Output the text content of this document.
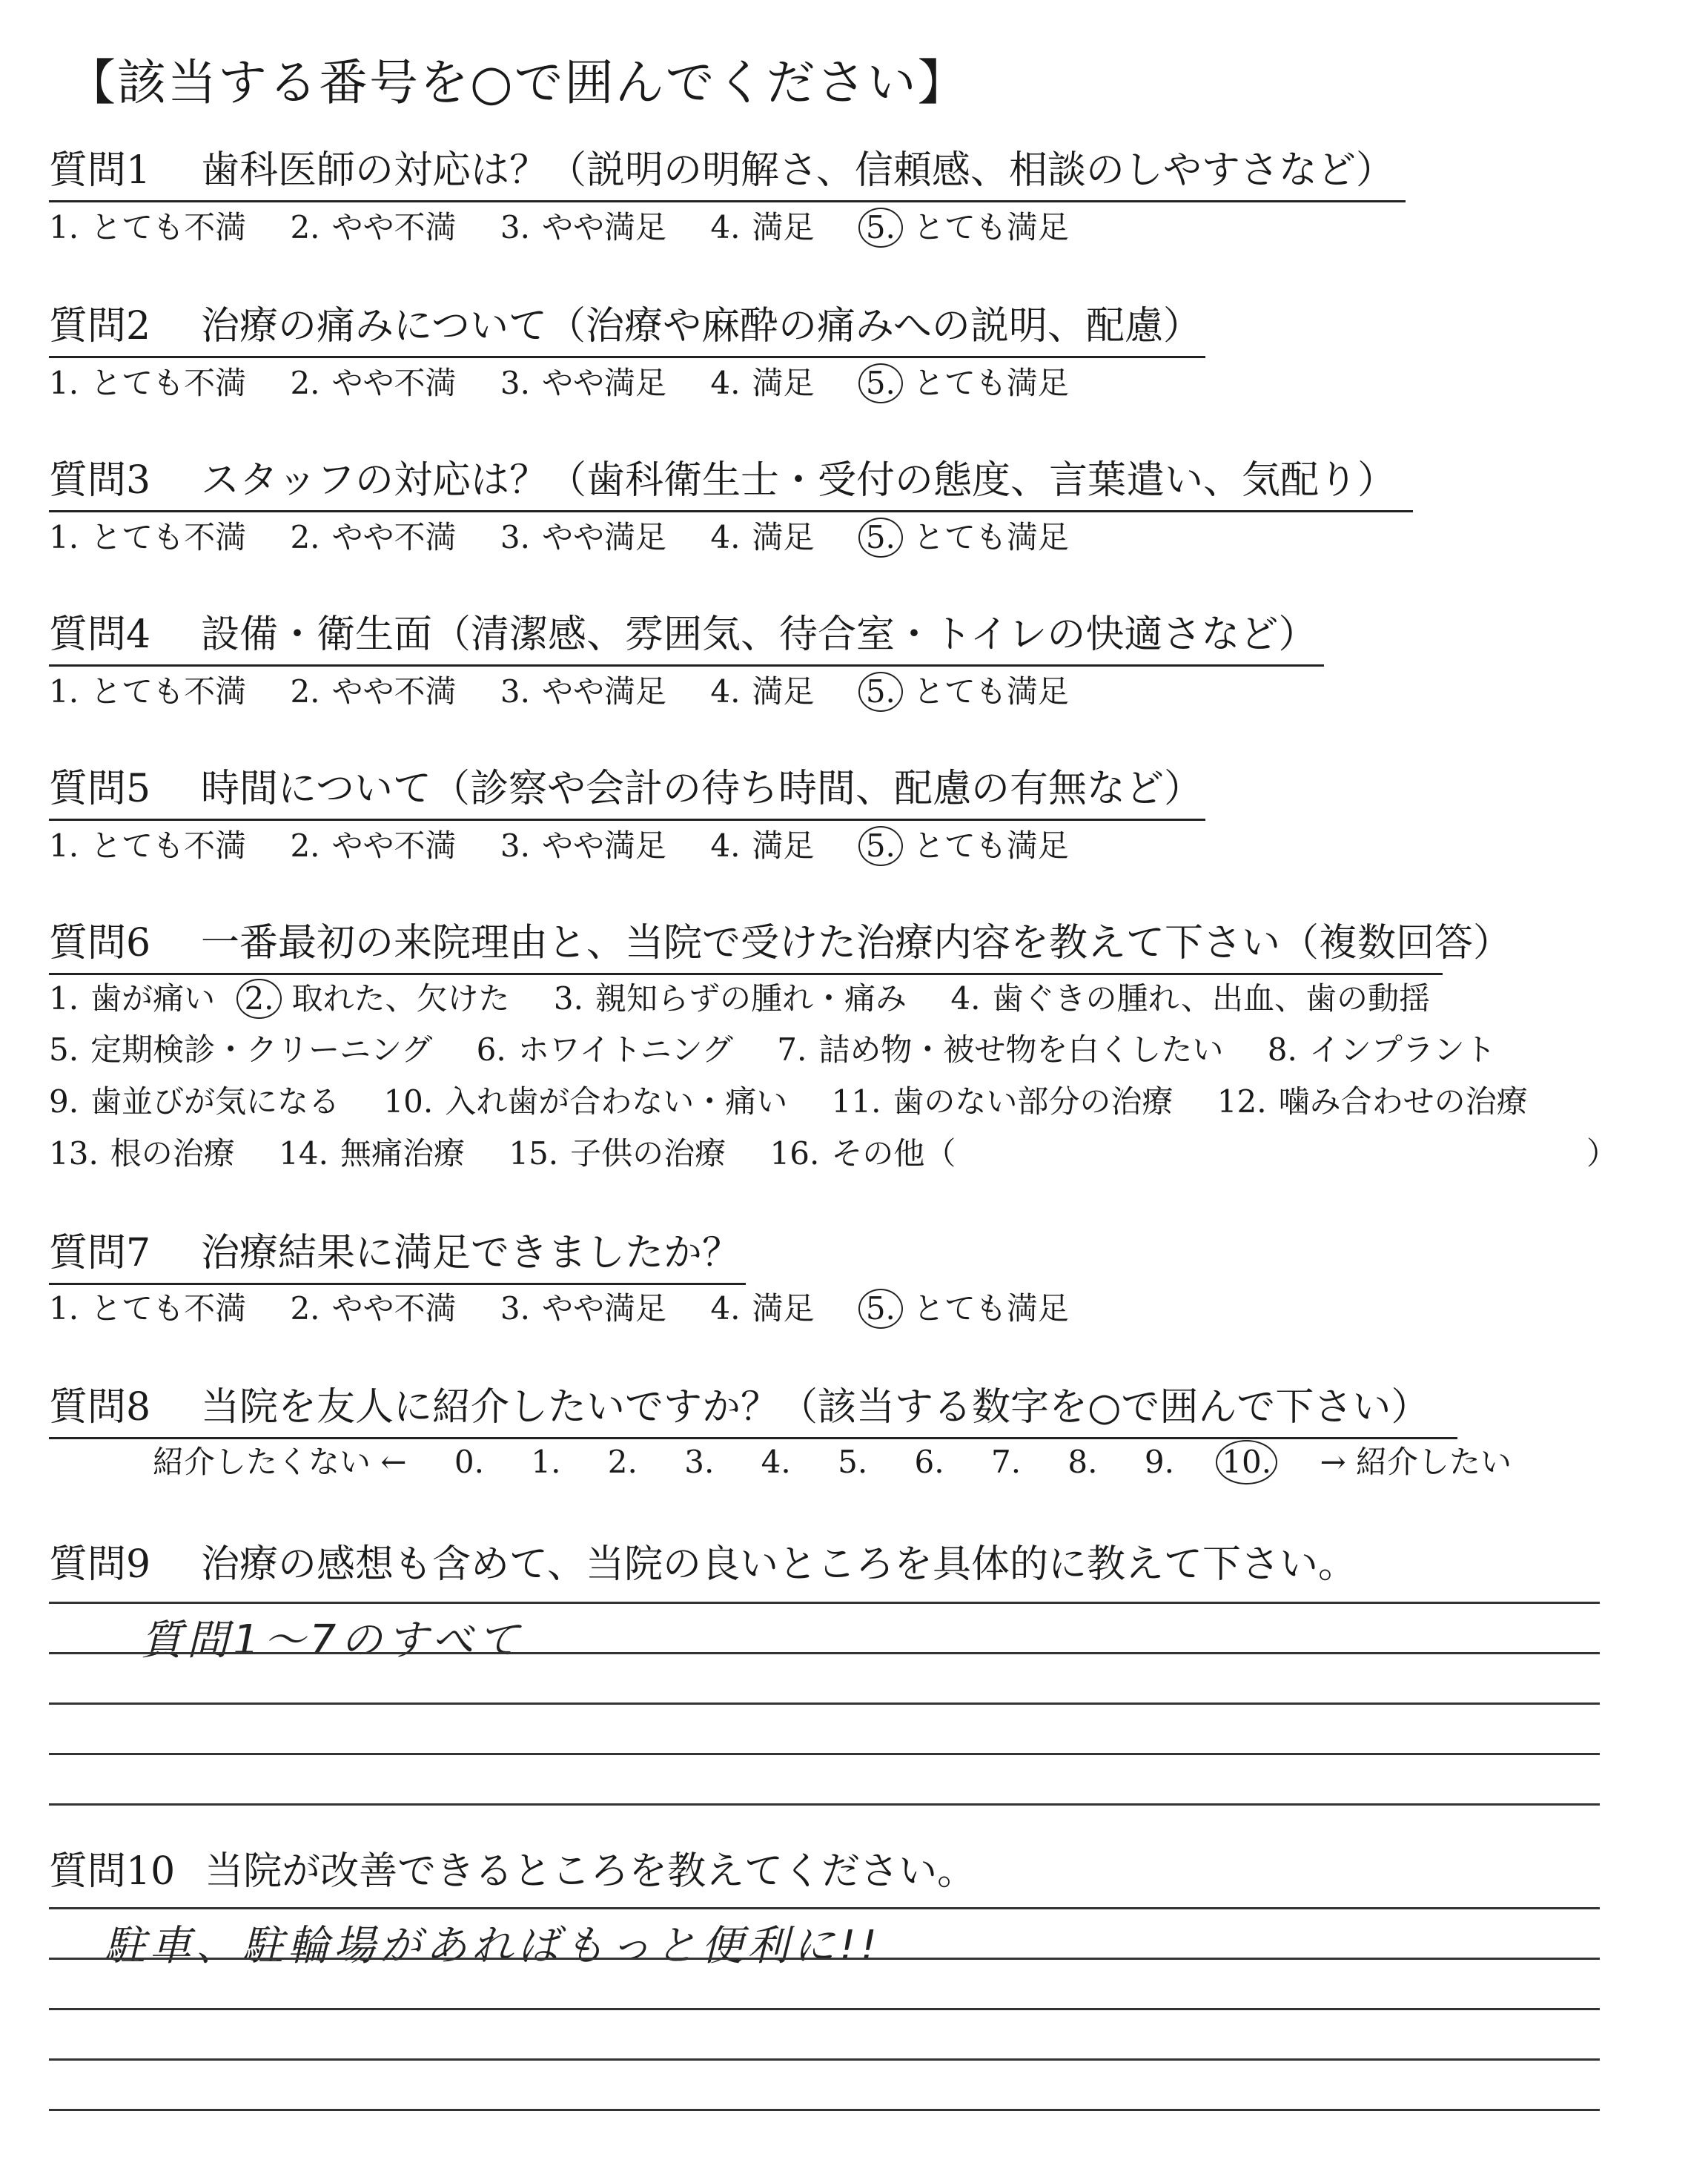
【該当する番号を○で囲んでください】
質問1 歯科医師の対応は？（説明の明解さ、信頼感、相談のしやすさなど）
1. とても不満 2. やや不満 3. やや満足 4. 満足 5. とても満足
質問2 治療の痛みについて（治療や麻酔の痛みへの説明、配慮）
1. とても不満 2. やや不満 3. やや満足 4. 満足 5. とても満足
質問3 スタッフの対応は？（歯科衛生士・受付の態度、言葉遣い、気配り）
1. とても不満 2. やや不満 3. やや満足 4. 満足 5. とても満足
質問4 設備・衛生面（清潔感、雰囲気、待合室・トイレの快適さなど）
1. とても不満 2. やや不満 3. やや満足 4. 満足 5. とても満足
質問5 時間について（診察や会計の待ち時間、配慮の有無など）
1. とても不満 2. やや不満 3. やや満足 4. 満足 5. とても満足
質問6 一番最初の来院理由と、当院で受けた治療内容を教えて下さい（複数回答）
1. 歯が痛い 2. 取れた、欠けた 3. 親知らずの腫れ・痛み 4. 歯ぐきの腫れ、出血、歯の動揺
5. 定期検診・クリーニング 6. ホワイトニング 7. 詰め物・被せ物を白くしたい 8. インプラント
9. 歯並びが気になる 10. 入れ歯が合わない・痛い 11. 歯のない部分の治療 12. 噛み合わせの治療
13. 根の治療 14. 無痛治療 15. 子供の治療 16. その他（	）
質問7 治療結果に満足できましたか？
1. とても不満 2. やや不満 3. やや満足 4. 満足 5. とても満足
質問8 当院を友人に紹介したいですか？（該当する数字を○で囲んで下さい）
紹介したくない ← 0. 1. 2. 3. 4. 5. 6. 7. 8. 9. 10. → 紹介したい
質問9 治療の感想も含めて、当院の良いところを具体的に教えて下さい。
質問1〜7のすべて
質問10 当院が改善できるところを教えてください。
駐車、駐輪場があればもっと便利に!!
